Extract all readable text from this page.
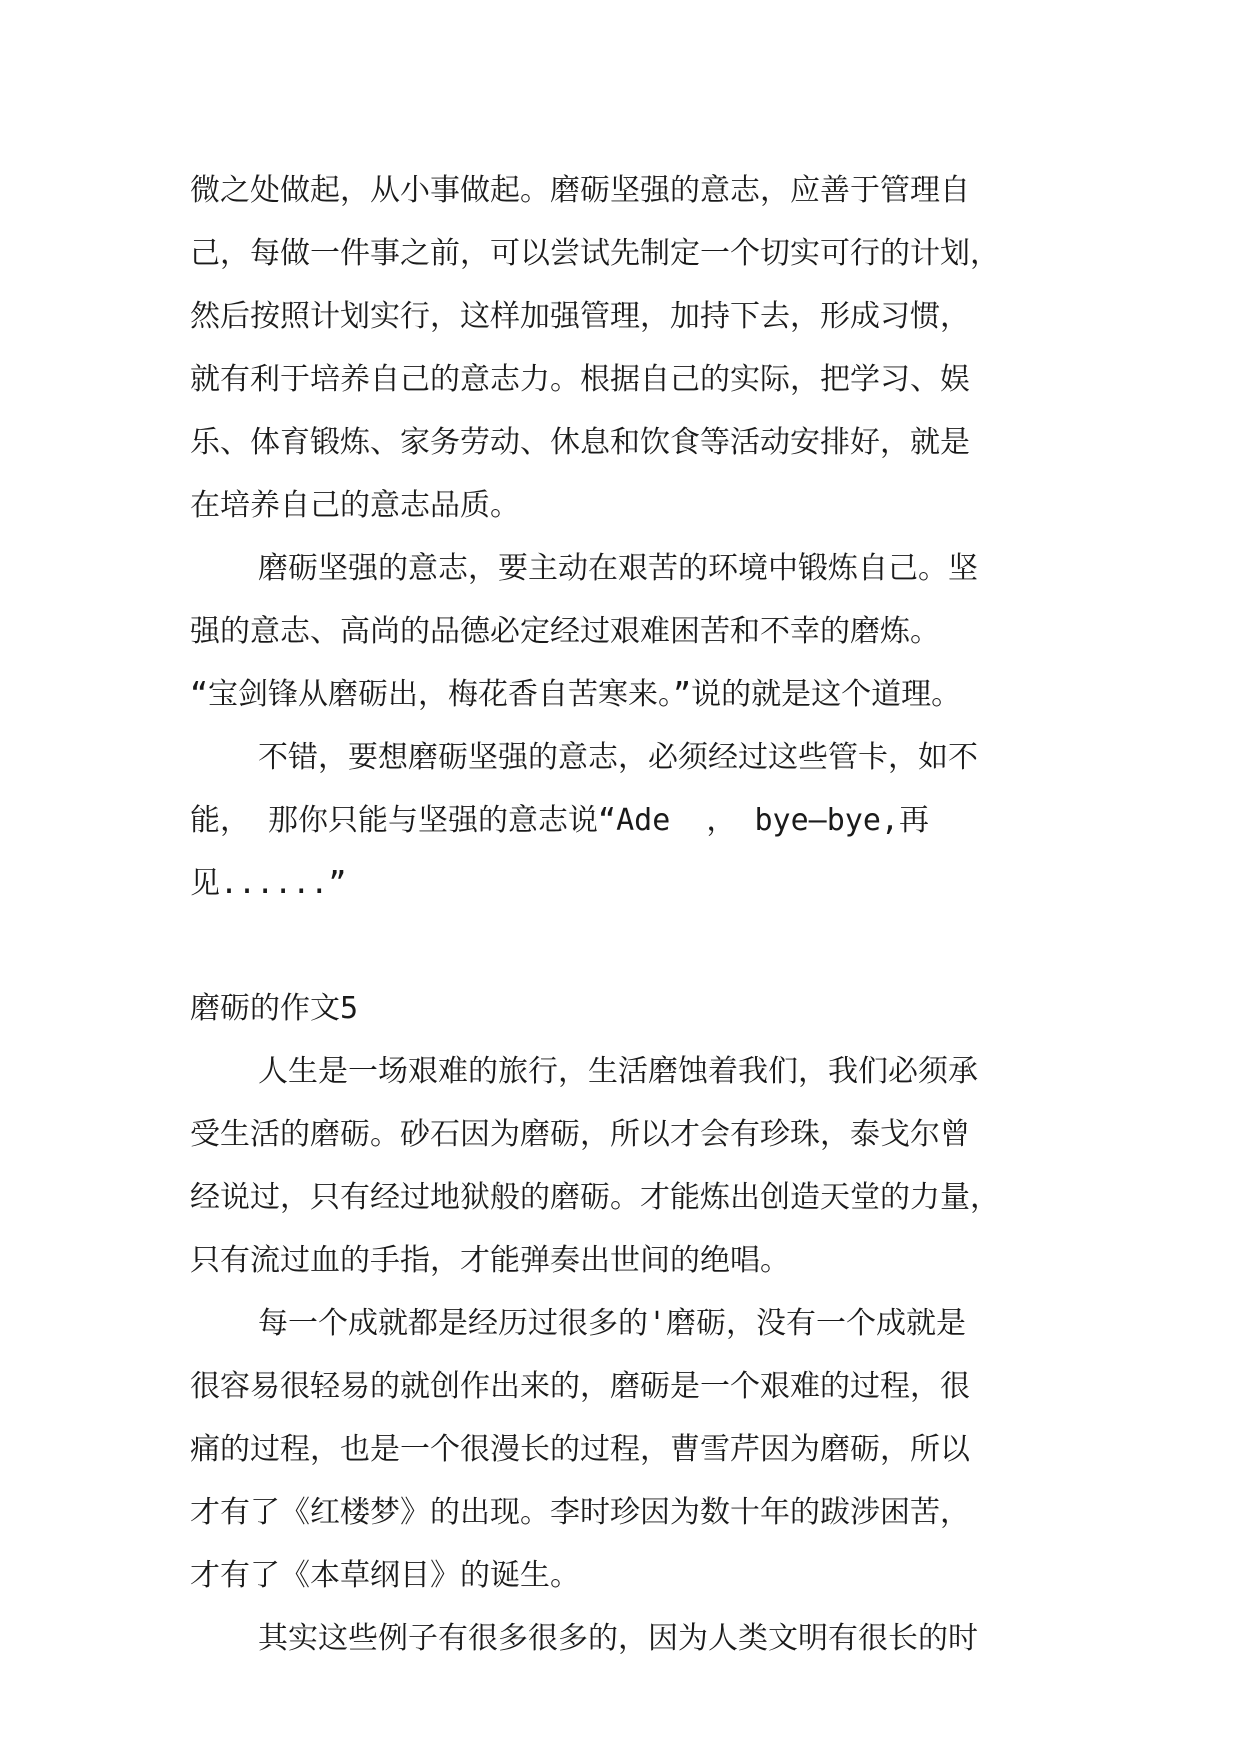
微之处做起，从小事做起。磨砺坚强的意志，应善于管理自
己，每做一件事之前，可以尝试先制定一个切实可行的计划，
然后按照计划实行，这样加强管理，加持下去，形成习惯，
就有利于培养自己的意志力。根据自己的实际，把学习、娱
乐、体育锻炼、家务劳动、休息和饮食等活动安排好，就是
在培养自己的意志品质。
磨砺坚强的意志，要主动在艰苦的环境中锻炼自己。坚
强的意志、高尚的品德必定经过艰难困苦和不幸的磨炼。
“宝剑锋从磨砺出，梅花香自苦寒来。”说的就是这个道理。
不错，要想磨砺坚强的意志，必须经过这些管卡，如不
能， 那你只能与坚强的意志说“Ade  ， bye—bye,再
见......”
磨砺的作文5
人生是一场艰难的旅行，生活磨蚀着我们，我们必须承
受生活的磨砺。砂石因为磨砺，所以才会有珍珠，泰戈尔曾
经说过，只有经过地狱般的磨砺。才能炼出创造天堂的力量，
只有流过血的手指，才能弹奏出世间的绝唱。
每一个成就都是经历过很多的'磨砺，没有一个成就是
很容易很轻易的就创作出来的，磨砺是一个艰难的过程，很
痛的过程，也是一个很漫长的过程，曹雪芹因为磨砺，所以
才有了《红楼梦》的出现。李时珍因为数十年的跋涉困苦，
才有了《本草纲目》的诞生。
其实这些例子有很多很多的，因为人类文明有很长的时
